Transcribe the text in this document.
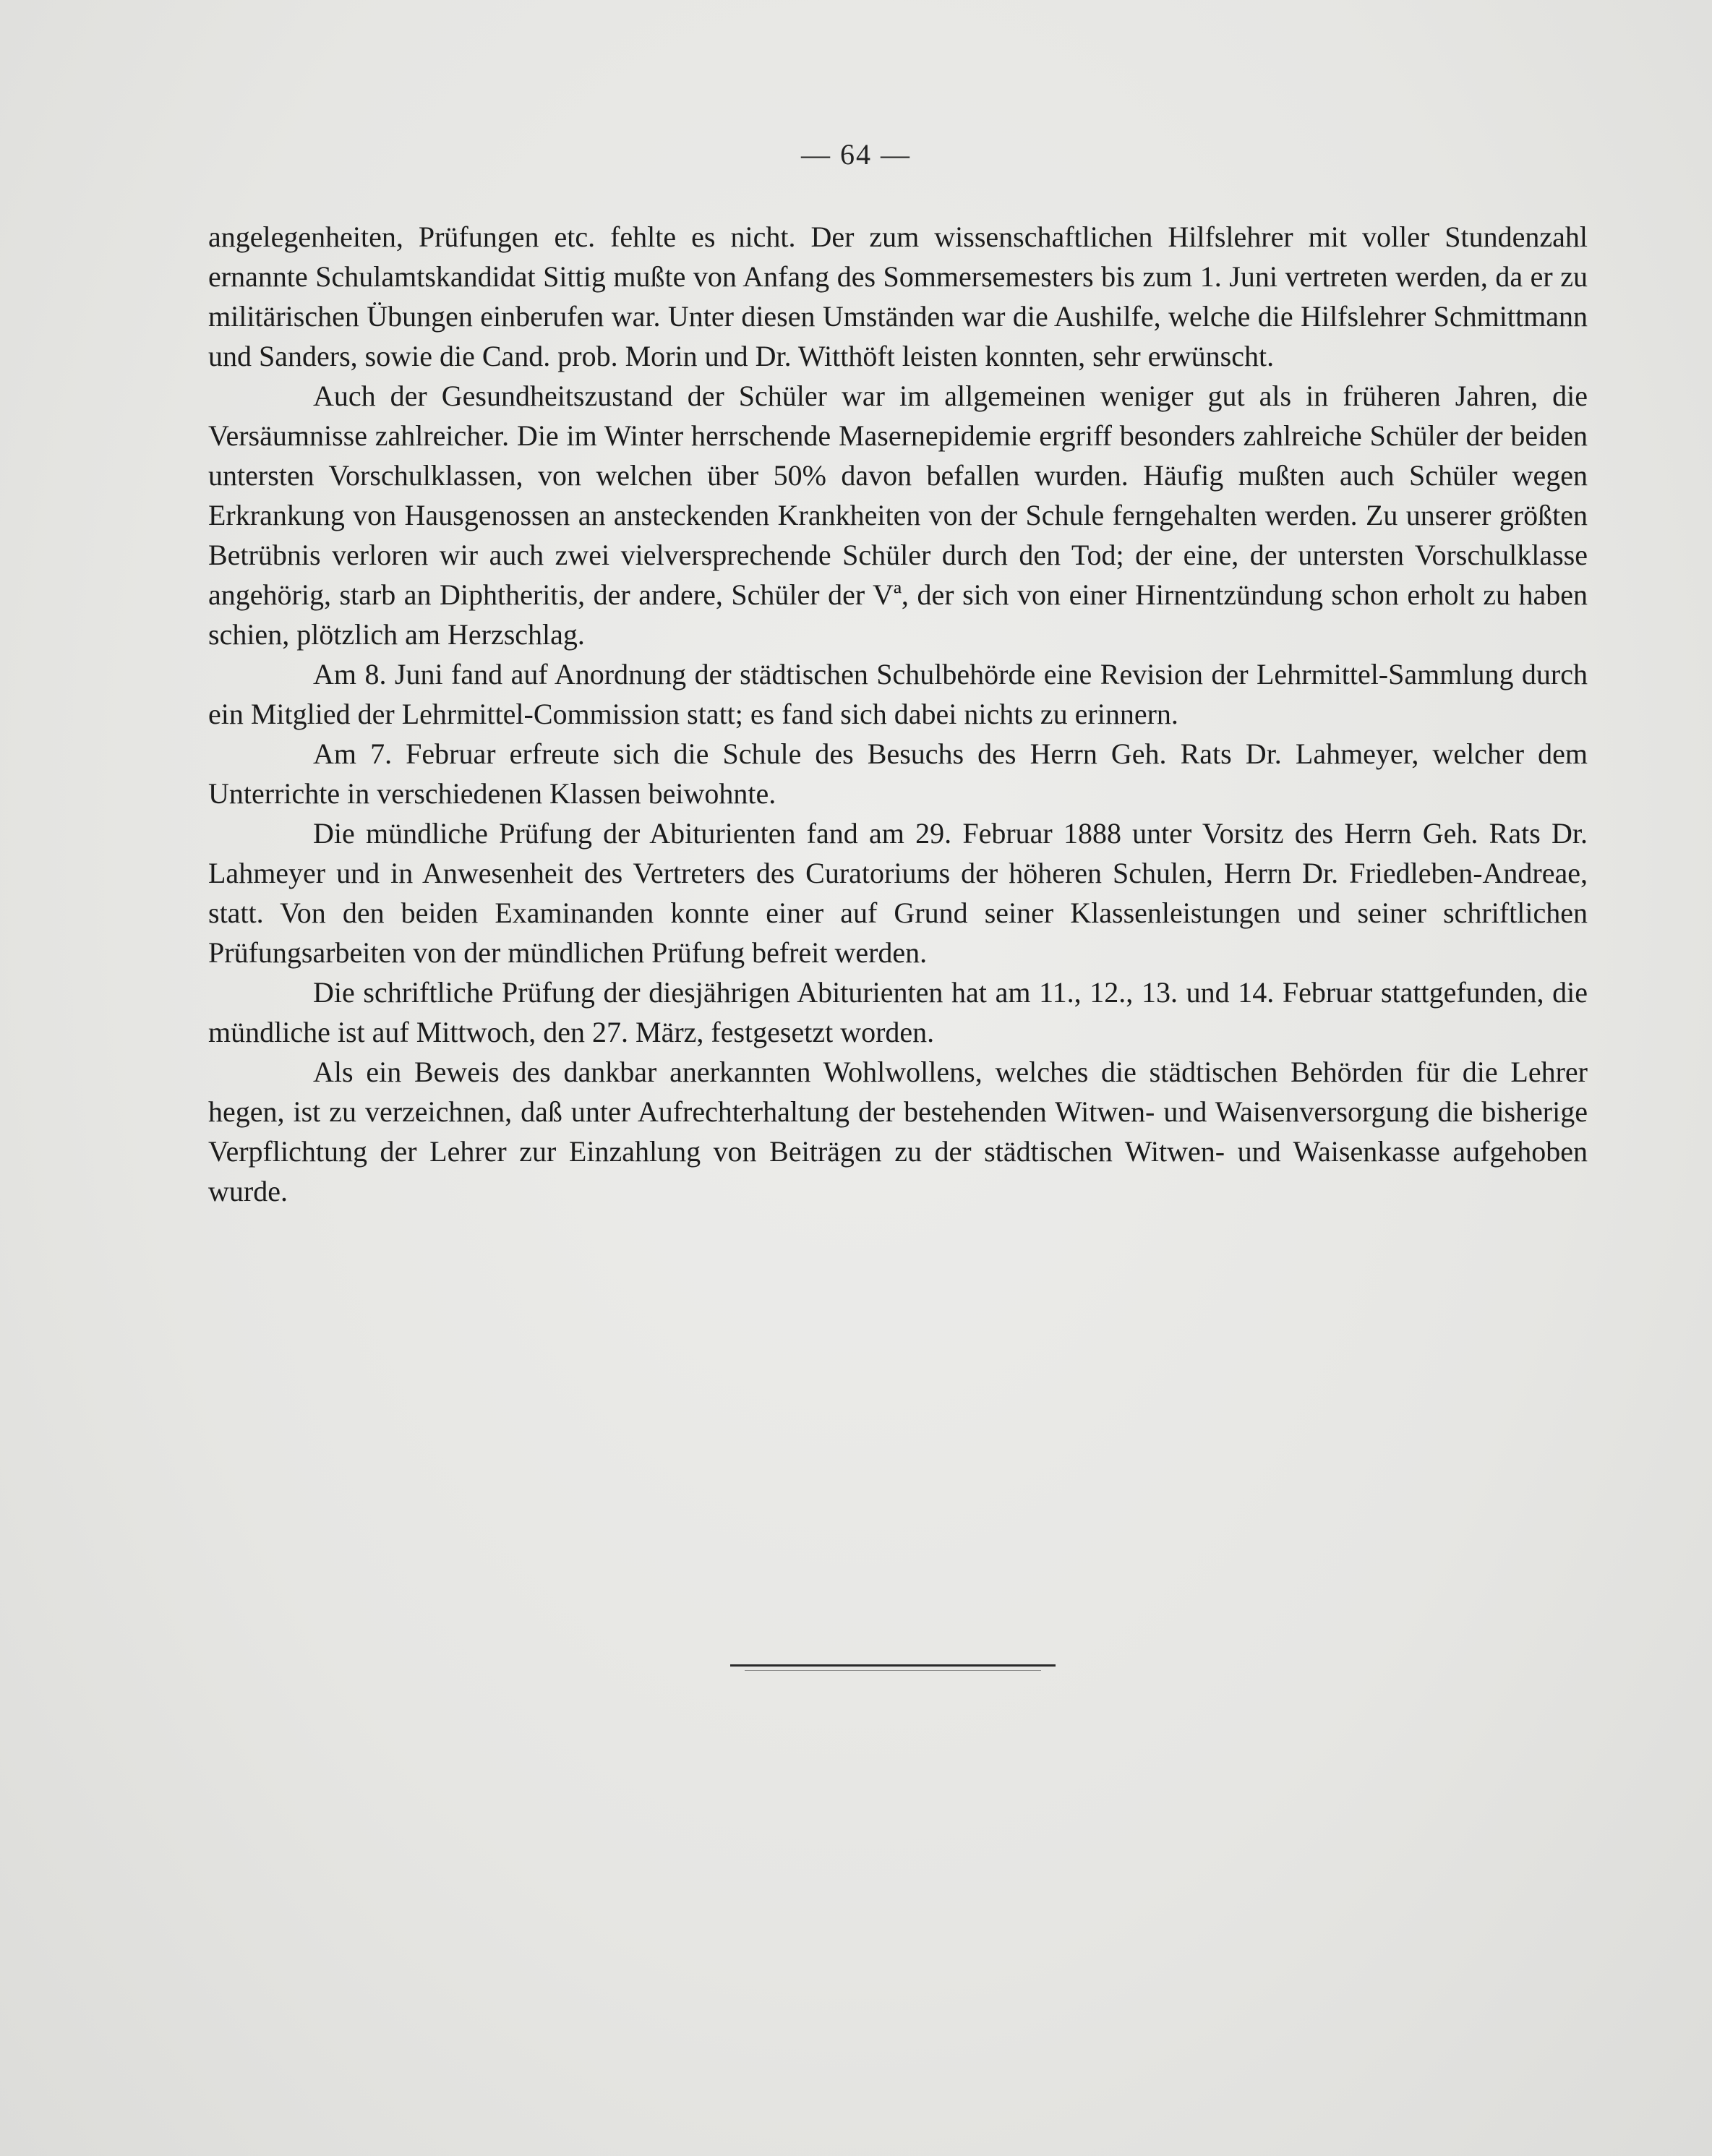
— 64 —

angelegenheiten, Prüfungen etc. fehlte es nicht. Der zum wissenschaftlichen Hilfslehrer mit voller Stundenzahl ernannte Schulamtskandidat Sittig mußte von Anfang des Sommersemesters bis zum 1. Juni vertreten werden, da er zu militärischen Übungen einberufen war. Unter diesen Umständen war die Aushilfe, welche die Hilfslehrer Schmittmann und Sanders, sowie die Cand. prob. Morin und Dr. Witthöft leisten konnten, sehr erwünscht.

Auch der Gesundheitszustand der Schüler war im allgemeinen weniger gut als in früheren Jahren, die Versäumnisse zahlreicher. Die im Winter herrschende Masernepidemie ergriff besonders zahlreiche Schüler der beiden untersten Vorschulklassen, von welchen über 50% davon befallen wurden. Häufig mußten auch Schüler wegen Erkrankung von Hausgenossen an ansteckenden Krankheiten von der Schule ferngehalten werden. Zu unserer größten Betrübnis verloren wir auch zwei vielversprechende Schüler durch den Tod; der eine, der untersten Vorschulklasse angehörig, starb an Diphtheritis, der andere, Schüler der Vª, der sich von einer Hirnentzündung schon erholt zu haben schien, plötzlich am Herzschlag.

Am 8. Juni fand auf Anordnung der städtischen Schulbehörde eine Revision der Lehrmittel-Sammlung durch ein Mitglied der Lehrmittel-Commission statt; es fand sich dabei nichts zu erinnern.

Am 7. Februar erfreute sich die Schule des Besuchs des Herrn Geh. Rats Dr. Lahmeyer, welcher dem Unterrichte in verschiedenen Klassen beiwohnte.

Die mündliche Prüfung der Abiturienten fand am 29. Februar 1888 unter Vorsitz des Herrn Geh. Rats Dr. Lahmeyer und in Anwesenheit des Vertreters des Curatoriums der höheren Schulen, Herrn Dr. Friedleben-Andreae, statt. Von den beiden Examinanden konnte einer auf Grund seiner Klassenleistungen und seiner schriftlichen Prüfungsarbeiten von der mündlichen Prüfung befreit werden.

Die schriftliche Prüfung der diesjährigen Abiturienten hat am 11., 12., 13. und 14. Februar stattgefunden, die mündliche ist auf Mittwoch, den 27. März, festgesetzt worden.

Als ein Beweis des dankbar anerkannten Wohlwollens, welches die städtischen Behörden für die Lehrer hegen, ist zu verzeichnen, daß unter Aufrechterhaltung der bestehenden Witwen- und Waisenversorgung die bisherige Verpflichtung der Lehrer zur Einzahlung von Beiträgen zu der städtischen Witwen- und Waisenkasse aufgehoben wurde.
